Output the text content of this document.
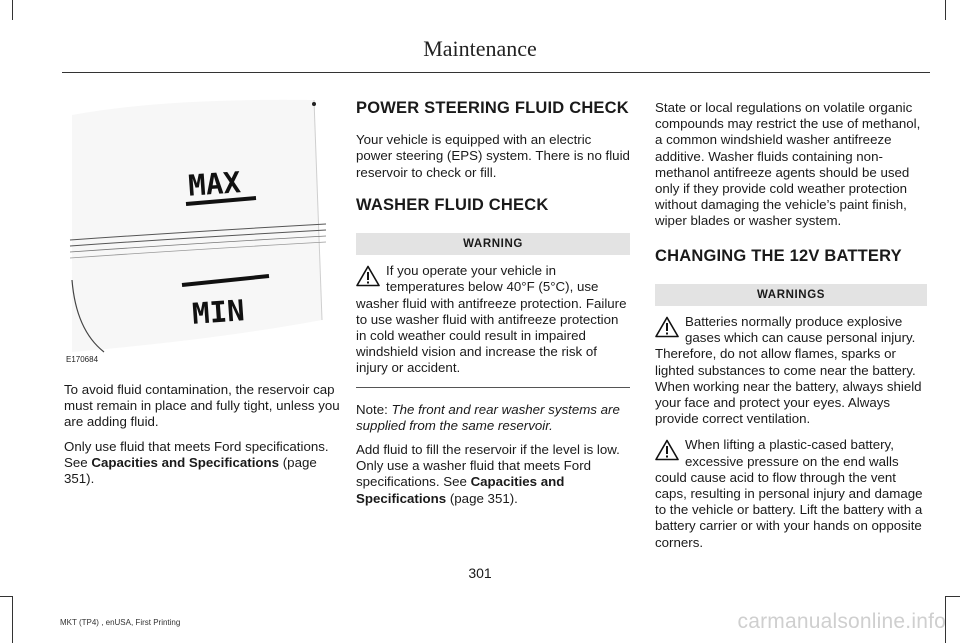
Maintenance
MAX
MIN
E170684

To avoid fluid contamination, the reservoir cap must remain in place and fully tight, unless you are adding fluid.

Only use fluid that meets Ford specifications. See Capacities and Specifications (page 351).

POWER STEERING FLUID CHECK

Your vehicle is equipped with an electric power steering (EPS) system. There is no fluid reservoir to check or fill.

WASHER FLUID CHECK
WARNING
If you operate your vehicle in temperatures below 40°F (5°C), use washer fluid with antifreeze protection. Failure to use washer fluid with antifreeze protection in cold weather could result in impaired windshield vision and increase the risk of injury or accident.

Note: The front and rear washer systems are supplied from the same reservoir.

Add fluid to fill the reservoir if the level is low. Only use a washer fluid that meets Ford specifications. See Capacities and Specifications (page 351).

State or local regulations on volatile organic compounds may restrict the use of methanol, a common windshield washer antifreeze additive. Washer fluids containing non-methanol antifreeze agents should be used only if they provide cold weather protection without damaging the vehicle’s paint finish, wiper blades or washer system.

CHANGING THE 12V BATTERY
WARNINGS
Batteries normally produce explosive gases which can cause personal injury. Therefore, do not allow flames, sparks or lighted substances to come near the battery. When working near the battery, always shield your face and protect your eyes. Always provide correct ventilation.
When lifting a plastic-cased battery, excessive pressure on the end walls could cause acid to flow through the vent caps, resulting in personal injury and damage to the vehicle or battery. Lift the battery with a battery carrier or with your hands on opposite corners.
301
MKT (TP4) , enUSA, First Printing	carmanualsonline.info
